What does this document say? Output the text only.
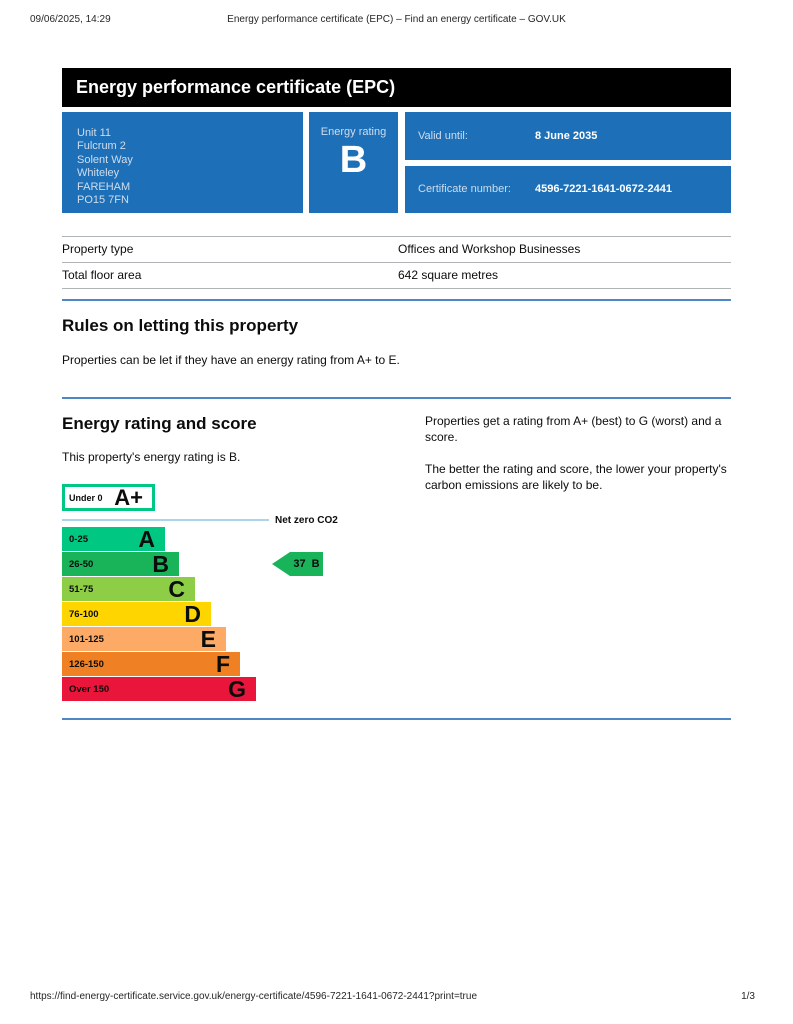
09/06/2025, 14:29	Energy performance certificate (EPC) – Find an energy certificate – GOV.UK
Energy performance certificate (EPC)
Unit 11
Fulcrum 2
Solent Way
Whiteley
FAREHAM
PO15 7FN
Energy rating
B
Valid until:	8 June 2035
Certificate number:	4596-7221-1641-0672-2441
Property type	Offices and Workshop Businesses
Total floor area	642 square metres
Rules on letting this property

Properties can be let if they have an energy rating from A+ to E.

Energy rating and score

This property's energy rating is B.

Under 0 A+
Net zero CO2
37 B
0-25 A
26-50	B
51-75	C
76-100	D
101-125	E
126-150	F
Over 150	G

Properties get a rating from A+ (best) to G (worst) and a score.

The better the rating and score, the lower your property's carbon emissions are likely to be.

https://find-energy-certificate.service.gov.uk/energy-certificate/4596-7221-1641-0672-2441?print=true	1/3
